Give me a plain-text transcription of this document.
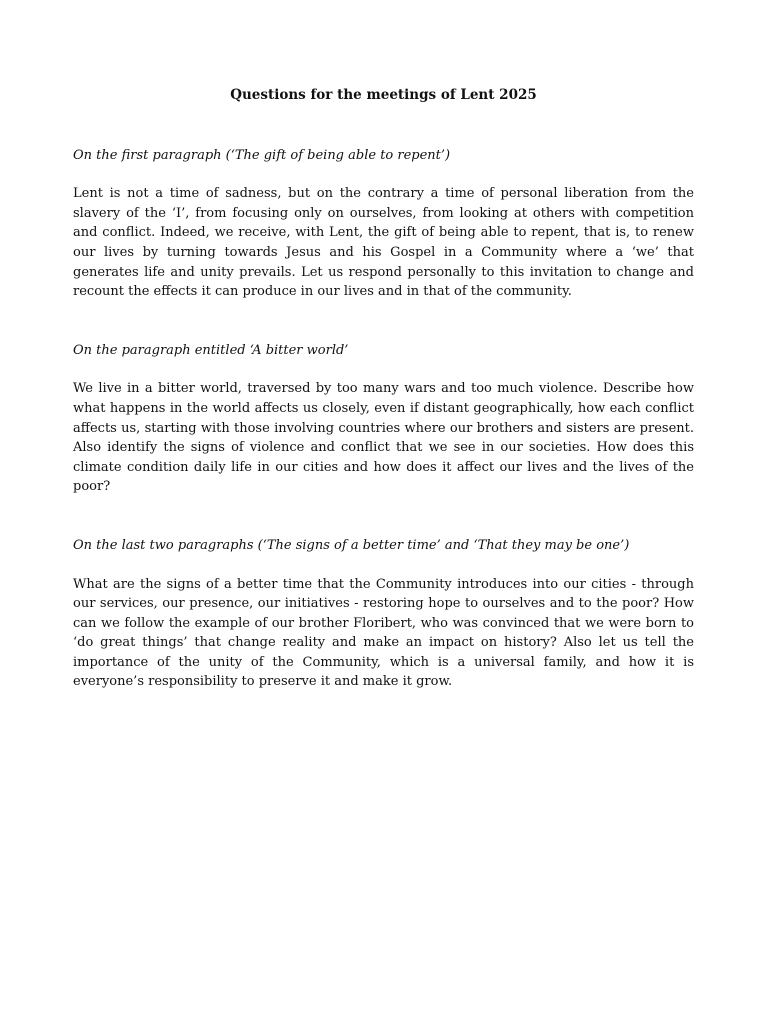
Questions for the meetings of Lent 2025

On the first paragraph (‘The gift of being able to repent’)

Lent is not a time of sadness, but on the contrary a time of personal liberation from the slavery of the ‘I’, from focusing only on ourselves, from looking at others with competition and conflict. Indeed, we receive, with Lent, the gift of being able to repent, that is, to renew our lives by turning towards Jesus and his Gospel in a Community where a ‘we’ that generates life and unity prevails. Let us respond personally to this invitation to change and recount the effects it can produce in our lives and in that of the community.

On the paragraph entitled ‘A bitter world’

We live in a bitter world, traversed by too many wars and too much violence. Describe how what happens in the world affects us closely, even if distant geographically, how each conflict affects us, starting with those involving countries where our brothers and sisters are present. Also identify the signs of violence and conflict that we see in our societies. How does this climate condition daily life in our cities and how does it affect our lives and the lives of the poor?

On the last two paragraphs (‘The signs of a better time’ and ‘That they may be one’)

What are the signs of a better time that the Community introduces into our cities - through our services, our presence, our initiatives - restoring hope to ourselves and to the poor? How can we follow the example of our brother Floribert, who was convinced that we were born to ‘do great things’ that change reality and make an impact on history? Also let us tell the importance of the unity of the Community, which is a universal family, and how it is everyone’s responsibility to preserve it and make it grow.
